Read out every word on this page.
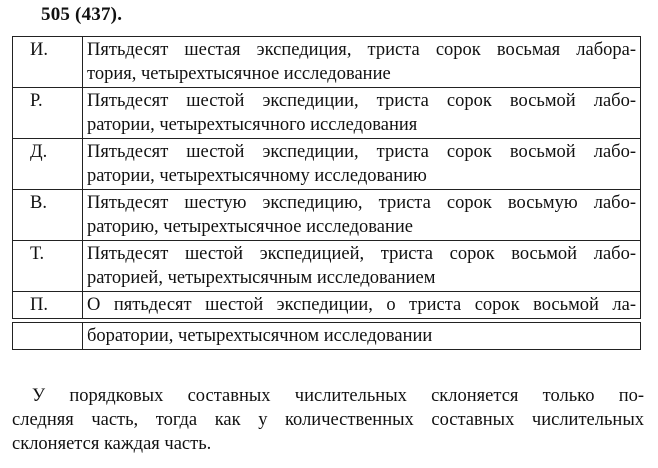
505 (437).
И.	Пятьдесят шестая экспедиция, триста сорок восьмая лабора-
тория, четырехтысячное исследование

Р.	Пятьдесят шестой экспедиции, триста сорок восьмой лабо-
ратории, четырехтысячного исследования

Д.	Пятьдесят шестой экспедиции, триста сорок восьмой лабо-
ратории, четырехтысячному исследованию

В.	Пятьдесят шестую экспедицию, триста сорок восьмую лабо-
раторию, четырехтысячное исследование

Т.	Пятьдесят шестой экспедицией, триста сорок восьмой лабо-
раторией, четырехтысячным исследованием

П.	О пятьдесят шестой экспедиции, о триста сорок восьмой ла-

	боратории, четырехтысячном исследовании
У порядковых составных числительных склоняется только по-
следняя часть, тогда как у количественных составных числительных
склоняется каждая часть.
